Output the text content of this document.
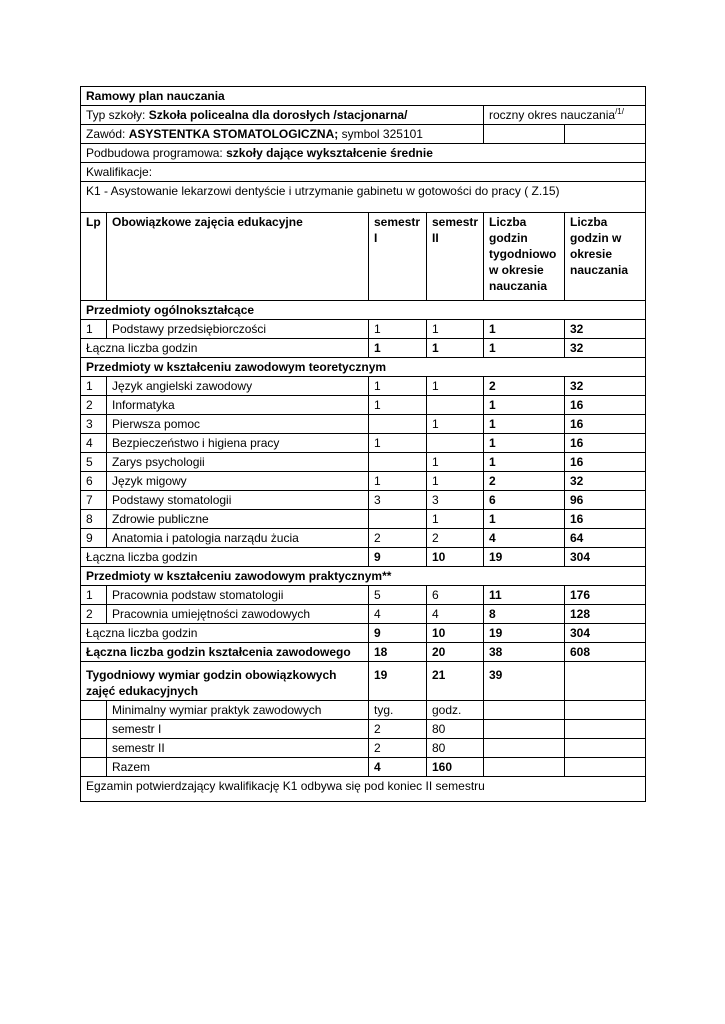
Ramowy plan nauczania					
Typ szkoły: Szkoła policealna dla dorosłych /stacjonarna/				roczny okres nauczania$^{/1/}$
Zawód: ASYSTENTKA STOMATOLOGICZNA; symbol 325101					
Podbudowa programowa: szkoły dające wykształcenie średnie					
Kwalifikacje:					
K1 - Asystowanie lekarzowi dentyście i utrzymanie gabinetu w gotowości do pracy ( Z.15)					
Lp	Obowiązkowe zajęcia edukacyjne	semestr I	semestr II	Liczba godzin tygodniowo w okresie nauczania	Liczba godzin w okresie nauczania
Przedmioty ogólnokształcące					
1	Podstawy przedsiębiorczości	1	1	1	32
Łączna liczba godzin		1	1	1	32
Przedmioty w kształceniu zawodowym teoretycznym					
1	Język angielski zawodowy	1	1	2	32
2	Informatyka	1		1	16
3	Pierwsza pomoc		1	1	16
4	Bezpieczeństwo i higiena pracy	1		1	16
5	Zarys psychologii		1	1	16
6	Język migowy	1	1	2	32
7	Podstawy stomatologii	3	3	6	96
8	Zdrowie publiczne		1	1	16
9	Anatomia i patologia narządu żucia	2	2	4	64
Łączna liczba godzin		9	10	19	304
Przedmioty w kształceniu zawodowym praktycznym**					
1	Pracownia podstaw stomatologii	5	6	11	176
2	Pracownia umiejętności zawodowych	4	4	8	128
Łączna liczba godzin		9	10	19	304
Łączna liczba godzin kształcenia zawodowego		18	20	38	608
Tygodniowy wymiar godzin obowiązkowych zajęć edukacyjnych		19	21	39	
	Minimalny wymiar praktyk zawodowych	tyg.	godz.		
	semestr I	2	80		
	semestr II	2	80		
	Razem	4	160		
Egzamin potwierdzający kwalifikację K1 odbywa się pod koniec II semestru					
